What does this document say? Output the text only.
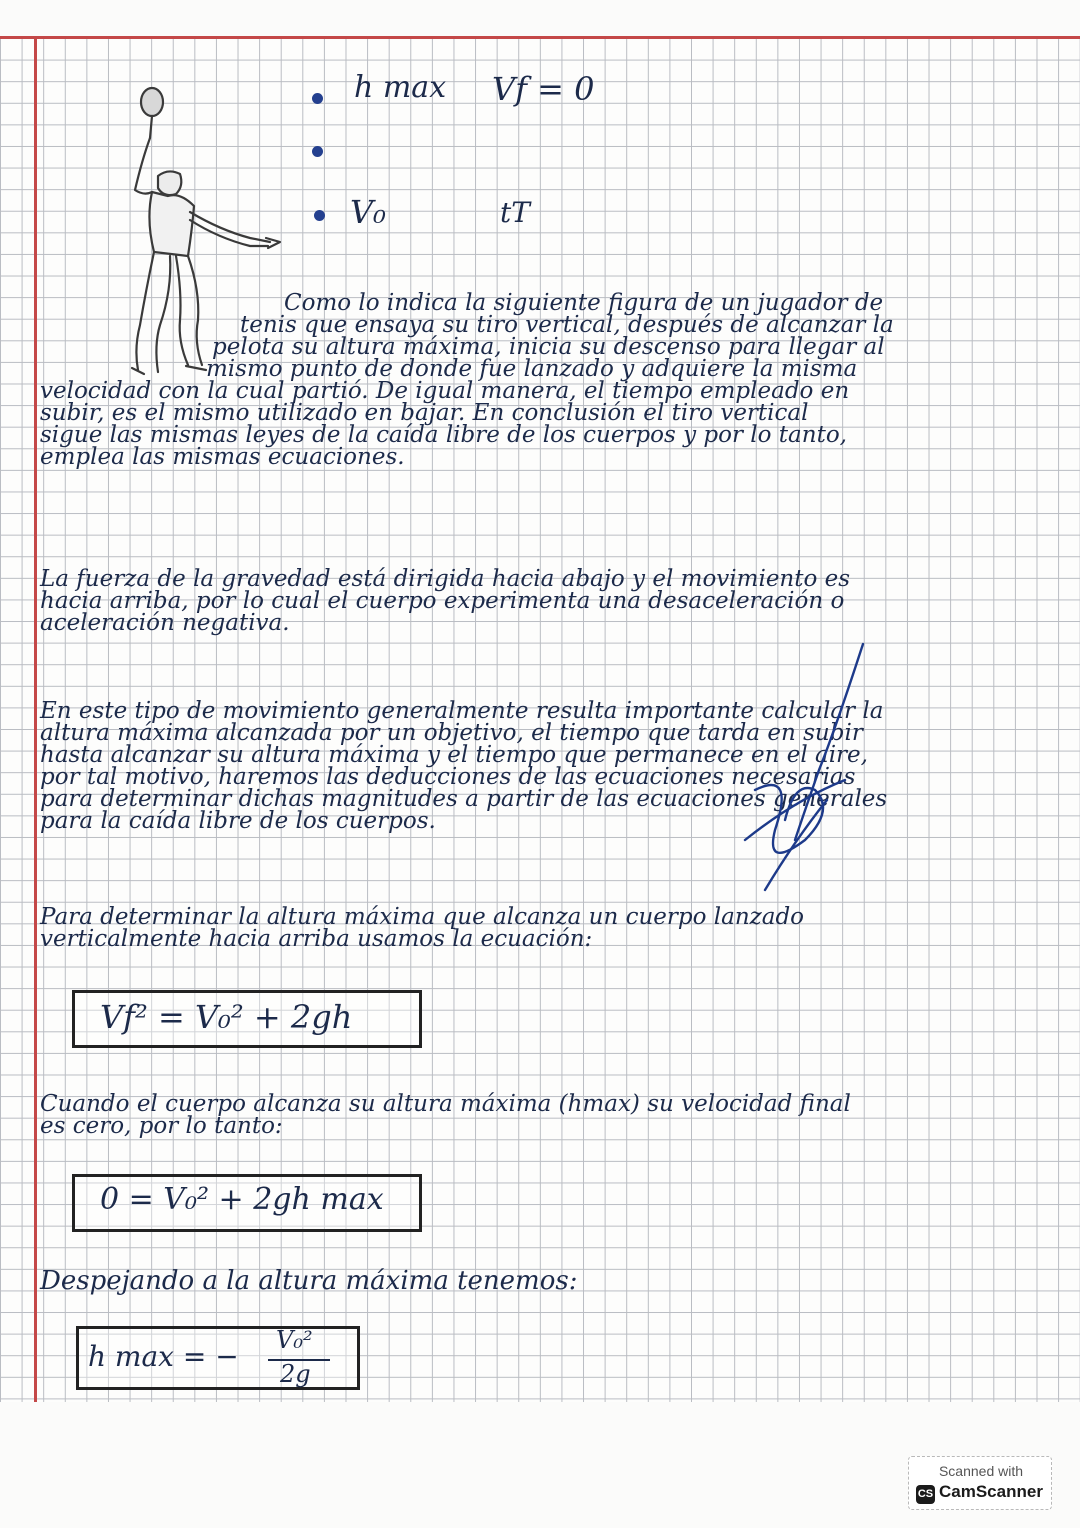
h max Vf = 0
V₀	tT
Como lo indica la siguiente figura de un jugador de
tenis que ensaya su tiro vertical, después de alcanzar la
pelota su altura máxima, inicia su descenso para llegar al
mismo punto de donde fue lanzado y adquiere la misma
velocidad con la cual partió. De igual manera, el tiempo empleado en
subir, es el mismo utilizado en bajar. En conclusión el tiro vertical
sigue las mismas leyes de la caída libre de los cuerpos y por lo tanto,
emplea las mismas ecuaciones.
La fuerza de la gravedad está dirigida hacia abajo y el movimiento es
hacia arriba, por lo cual el cuerpo experimenta una desaceleración o
aceleración negativa.
En este tipo de movimiento generalmente resulta importante calcular la
altura máxima alcanzada por un objetivo, el tiempo que tarda en subir
hasta alcanzar su altura máxima y el tiempo que permanece en el aire,
por tal motivo, haremos las deducciones de las ecuaciones necesarias
para determinar dichas magnitudes a partir de las ecuaciones generales
para la caída libre de los cuerpos.
Para determinar la altura máxima que alcanza un cuerpo lanzado
verticalmente hacia arriba usamos la ecuación:
Vf² = V₀² + 2gh
Cuando el cuerpo alcanza su altura máxima (hmax) su velocidad final
es cero, por lo tanto:
0 = V₀² + 2gh max
Despejando a la altura máxima tenemos:
h max = − V₀²
2g
Scanned with
CS CamScanner
